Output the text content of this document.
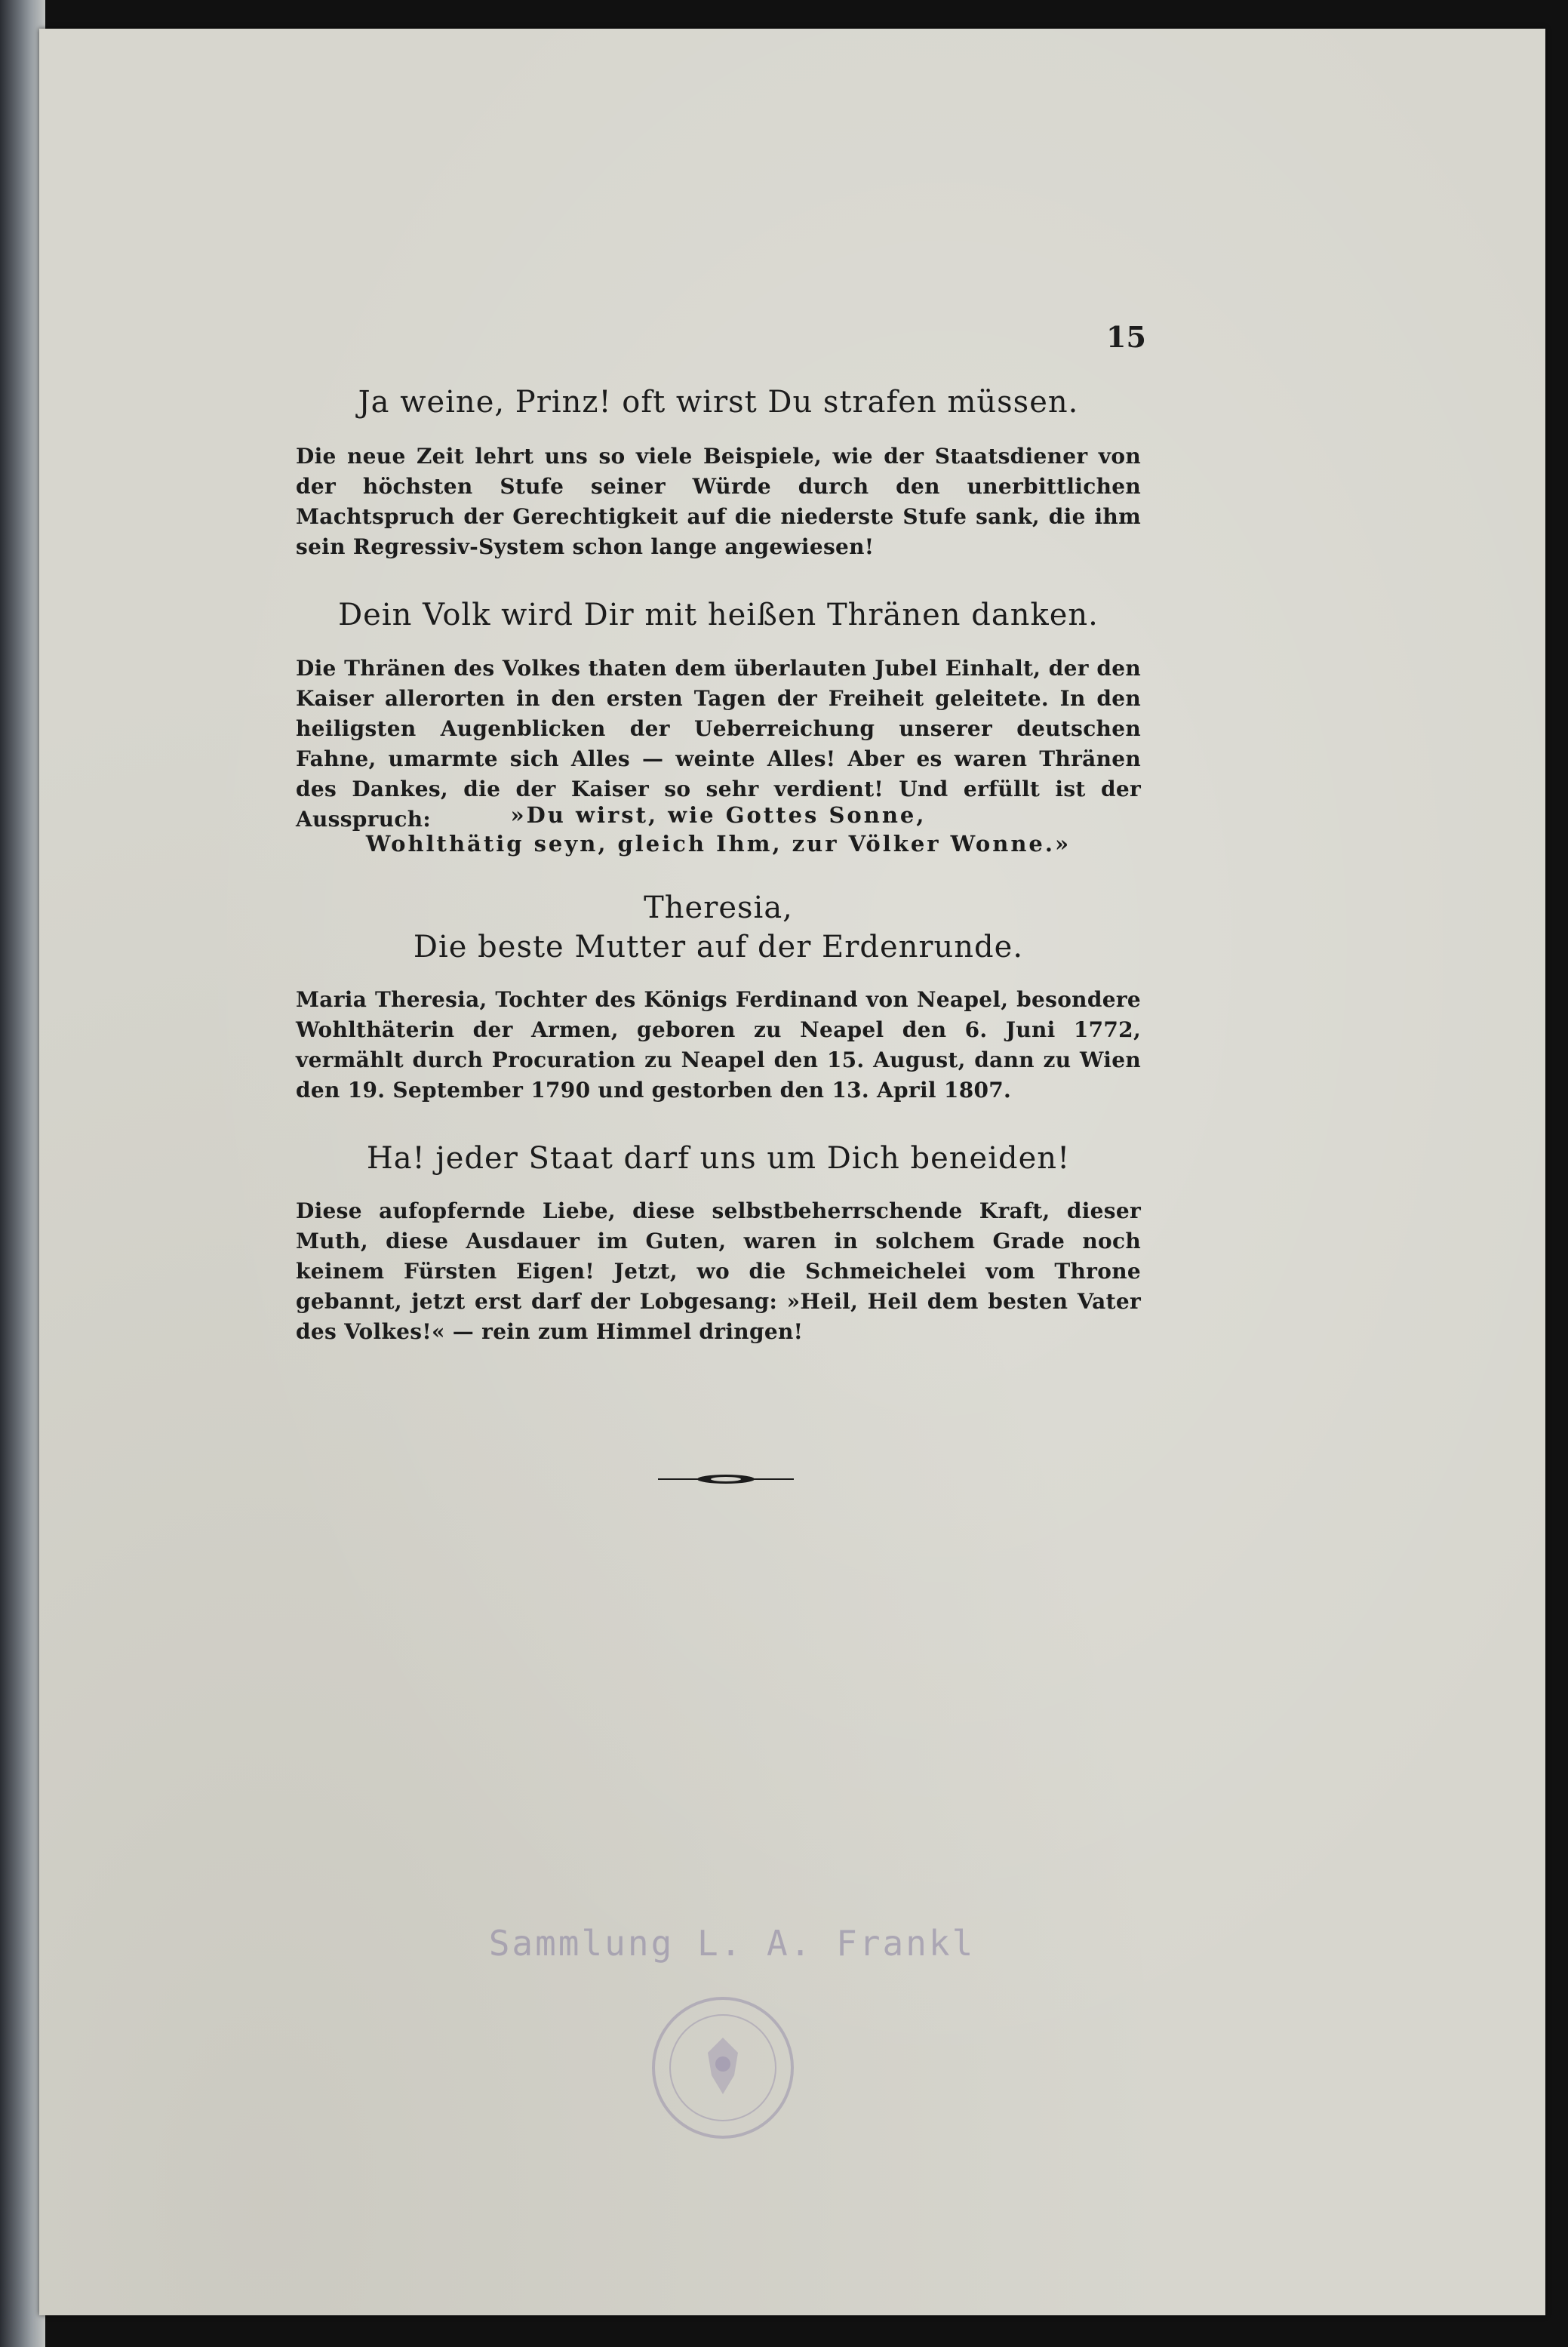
15
Ja weine, Prinz! oft wirst Du strafen müssen.

Die neue Zeit lehrt uns so viele Beispiele, wie der Staatsdiener von der höchsten Stufe seiner Würde durch den unerbittlichen Machtspruch der Gerechtigkeit auf die niederste Stufe sank, die ihm sein Regressiv-System schon lange angewiesen!

Dein Volk wird Dir mit heißen Thränen danken.

Die Thränen des Volkes thaten dem überlauten Jubel Einhalt, der den Kaiser allerorten in den ersten Tagen der Freiheit geleitete. In den heiligsten Augenblicken der Ueberreichung unserer deutschen Fahne, umarmte sich Alles — weinte Alles! Aber es waren Thränen des Dankes, die der Kaiser so sehr verdient! Und erfüllt ist der Ausspruch:	»Du wirst, wie Gottes Sonne,
Wohlthätig seyn, gleich Ihm, zur Völker Wonne.»
Theresia,
Die beste Mutter auf der Erdenrunde.

Maria Theresia, Tochter des Königs Ferdinand von Neapel, besondere Wohlthäterin der Armen, geboren zu Neapel den 6. Juni 1772, vermählt durch Procuration zu Neapel den 15. August, dann zu Wien den 19. September 1790 und gestorben den 13. April 1807.

Ha! jeder Staat darf uns um Dich beneiden!

Diese aufopfernde Liebe, diese selbstbeherrschende Kraft, dieser Muth, diese Ausdauer im Guten, waren in solchem Grade noch keinem Fürsten Eigen! Jetzt, wo die Schmeichelei vom Throne gebannt, jetzt erst darf der Lobgesang: »Heil, Heil dem besten Vater des Volkes!« — rein zum Himmel dringen!

Sammlung L. A. Frankl
